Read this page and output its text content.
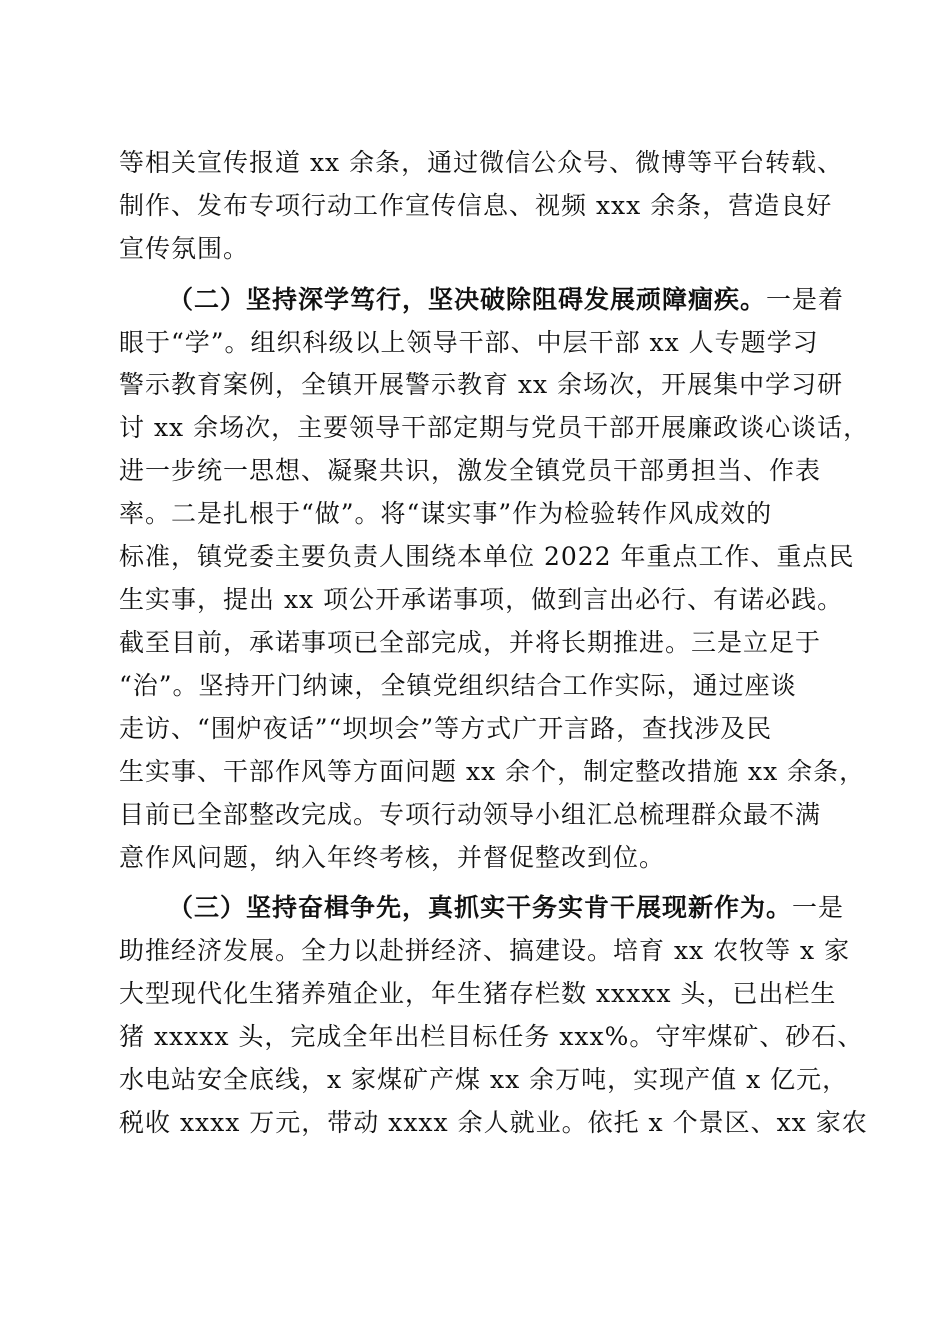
等相关宣传报道 xx 余条，通过微信公众号、微博等平台转载、
制作、发布专项行动工作宣传信息、视频 xxx 余条，营造良好
宣传氛围。
（二）坚持深学笃行，坚决破除阻碍发展顽障痼疾。一是着
眼于“学”。组织科级以上领导干部、中层干部 xx 人专题学习
警示教育案例，全镇开展警示教育 xx 余场次，开展集中学习研
讨 xx 余场次，主要领导干部定期与党员干部开展廉政谈心谈话，
进一步统一思想、凝聚共识，激发全镇党员干部勇担当、作表
率。二是扎根于“做”。将“谋实事”作为检验转作风成效的
标准，镇党委主要负责人围绕本单位 2022 年重点工作、重点民
生实事，提出 xx 项公开承诺事项，做到言出必行、有诺必践。
截至目前，承诺事项已全部完成，并将长期推进。三是立足于
“治”。坚持开门纳谏，全镇党组织结合工作实际，通过座谈
走访、“围炉夜话”“坝坝会”等方式广开言路，查找涉及民
生实事、干部作风等方面问题 xx 余个，制定整改措施 xx 余条，
目前已全部整改完成。专项行动领导小组汇总梳理群众最不满
意作风问题，纳入年终考核，并督促整改到位。
（三）坚持奋楫争先，真抓实干务实肯干展现新作为。一是
助推经济发展。全力以赴拼经济、搞建设。培育 xx 农牧等 x 家
大型现代化生猪养殖企业，年生猪存栏数 xxxxx 头，已出栏生
猪 xxxxx 头，完成全年出栏目标任务 xxx%。守牢煤矿、砂石、
水电站安全底线，x 家煤矿产煤 xx 余万吨，实现产值 x 亿元，
税收 xxxx 万元，带动 xxxx 余人就业。依托 x 个景区、xx 家农
